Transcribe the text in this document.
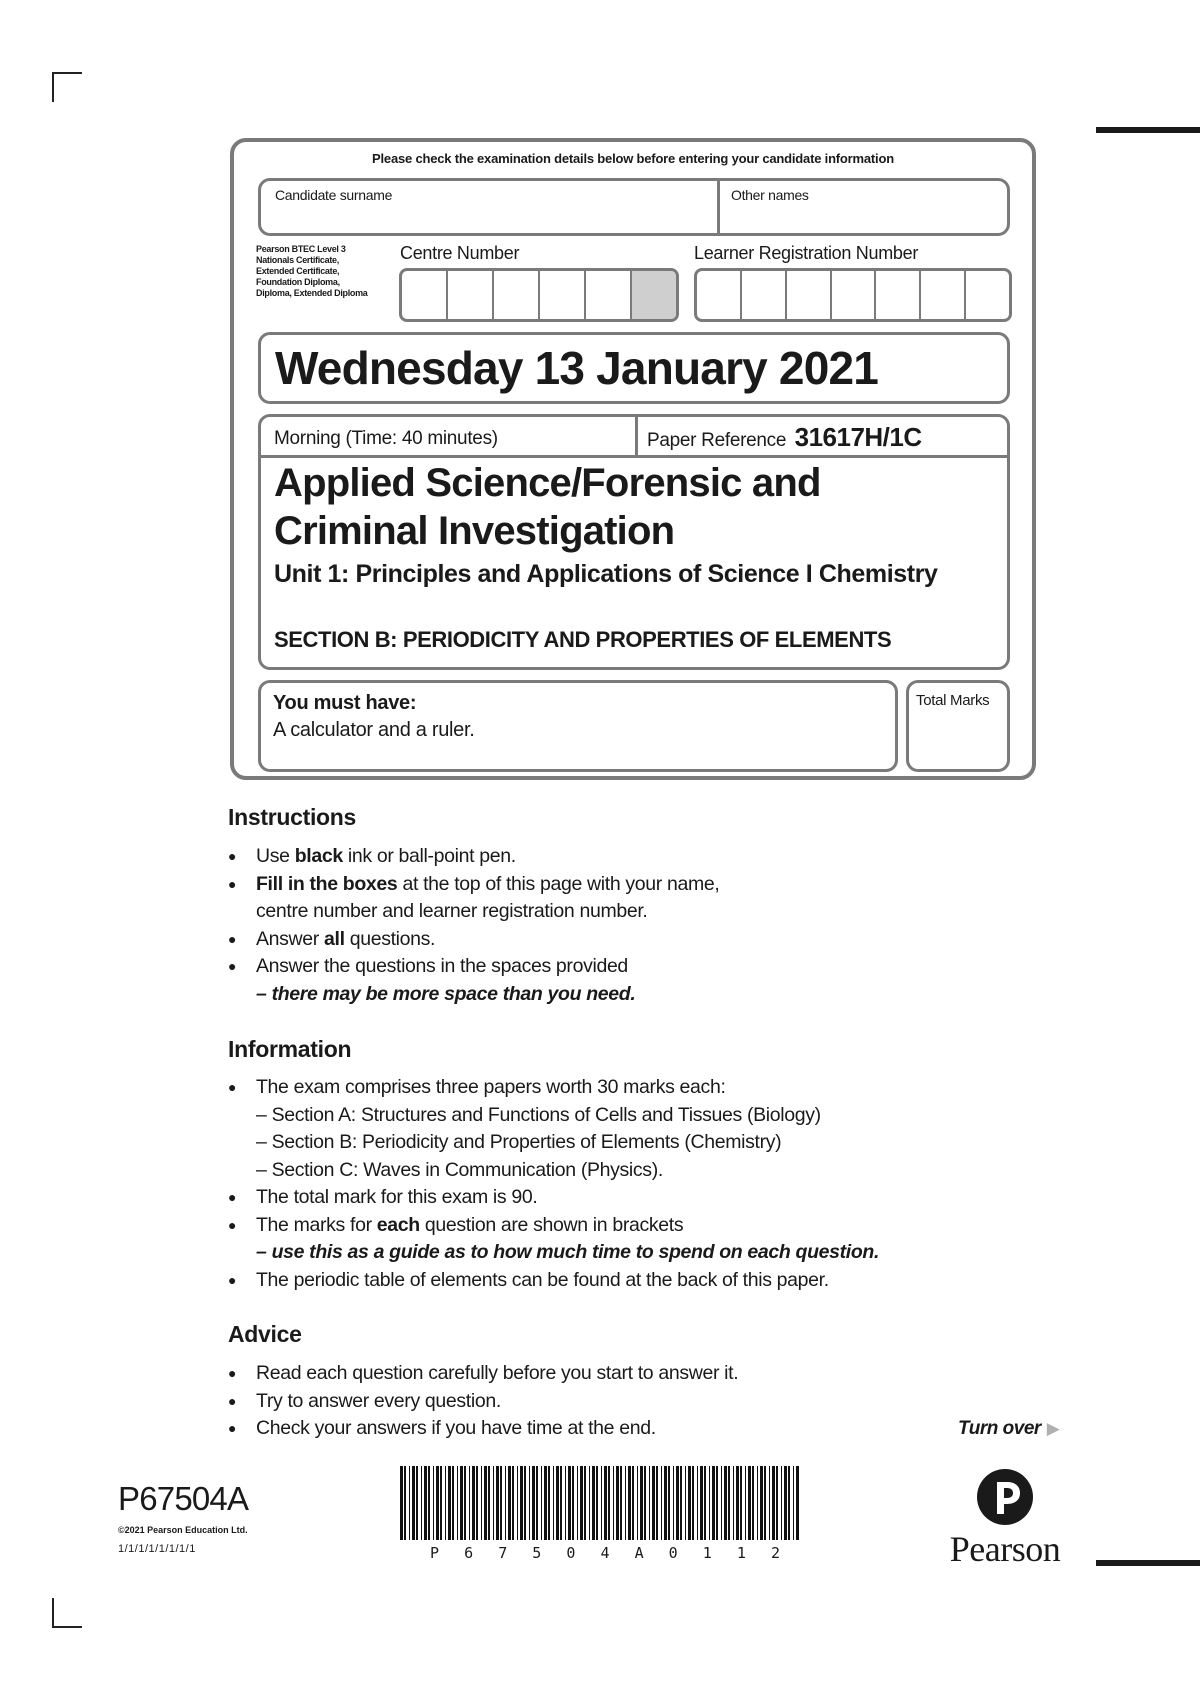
Please check the examination details below before entering your candidate information
Candidate surname	Other names
Pearson BTEC Level 3 Nationals Certificate, Extended Certificate, Foundation Diploma, Diploma, Extended Diploma
Centre Number	Learner Registration Number
Wednesday 13 January 2021
Morning (Time: 40 minutes)	Paper Reference 31617H/1C
Applied Science/Forensic and Criminal Investigation
Unit 1: Principles and Applications of Science I Chemistry
SECTION B: PERIODICITY AND PROPERTIES OF ELEMENTS
You must have:
A calculator and a ruler.
Total Marks
Instructions
● Use black ink or ball-point pen.
● Fill in the boxes at the top of this page with your name,
centre number and learner registration number.
● Answer all questions.
● Answer the questions in the spaces provided
– there may be more space than you need.
Information
● The exam comprises three papers worth 30 marks each:
– Section A: Structures and Functions of Cells and Tissues (Biology)
– Section B: Periodicity and Properties of Elements (Chemistry)
– Section C: Waves in Communication (Physics).
● The total mark for this exam is 90.
● The marks for each question are shown in brackets
– use this as a guide as to how much time to spend on each question.
● The periodic table of elements can be found at the back of this paper.
Advice
● Read each question carefully before you start to answer it.
● Try to answer every question.
● Check your answers if you have time at the end.	Turn over ▶
P67504A
©2021 Pearson Education Ltd.
1/1/1/1/1/1/1/1	P 6 7 5 0 4 A 0 1 1 2	Pearson
